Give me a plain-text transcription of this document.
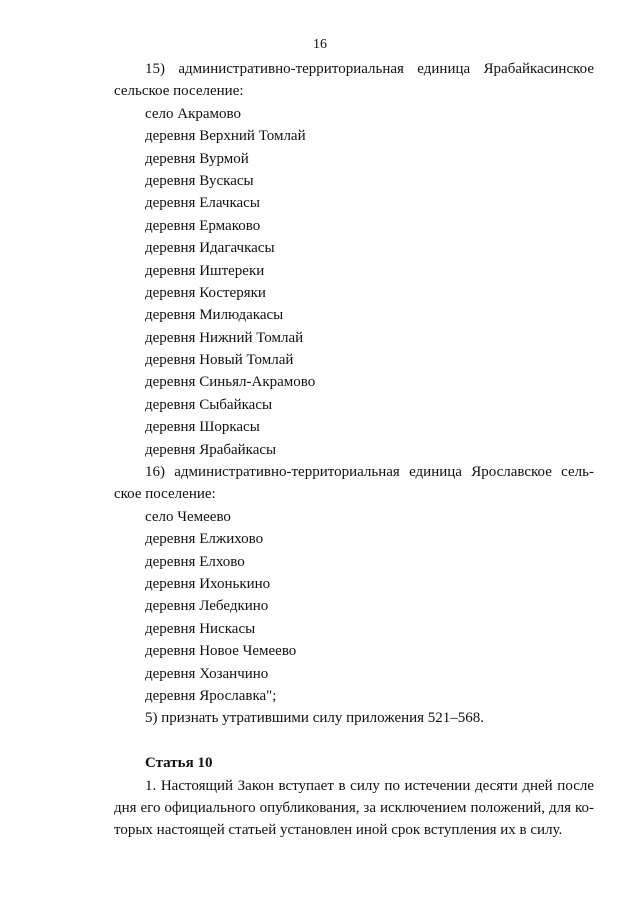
16
15) административно-территориальная единица Ярабайкасинское
сельское поселение:
село Акрамово
деревня Верхний Томлай
деревня Вурмой
деревня Вускасы
деревня Елачкасы
деревня Ермаково
деревня Идагачкасы
деревня Иштереки
деревня Костеряки
деревня Милюдакасы
деревня Нижний Томлай
деревня Новый Томлай
деревня Синьял-Акрамово
деревня Сыбайкасы
деревня Шоркасы
деревня Ярабайкасы
16) административно-территориальная единица Ярославское сель-
ское поселение:
село Чемеево
деревня Елжихово
деревня Елхово
деревня Ихонькино
деревня Лебедкино
деревня Нискасы
деревня Новое Чемеево
деревня Хозанчино
деревня Ярославка";
5) признать утратившими силу приложения 521–568.
Статья 10
1. Настоящий Закон вступает в силу по истечении десяти дней после
дня его официального опубликования, за исключением положений, для ко-
торых настоящей статьей установлен иной срок вступления их в силу.
